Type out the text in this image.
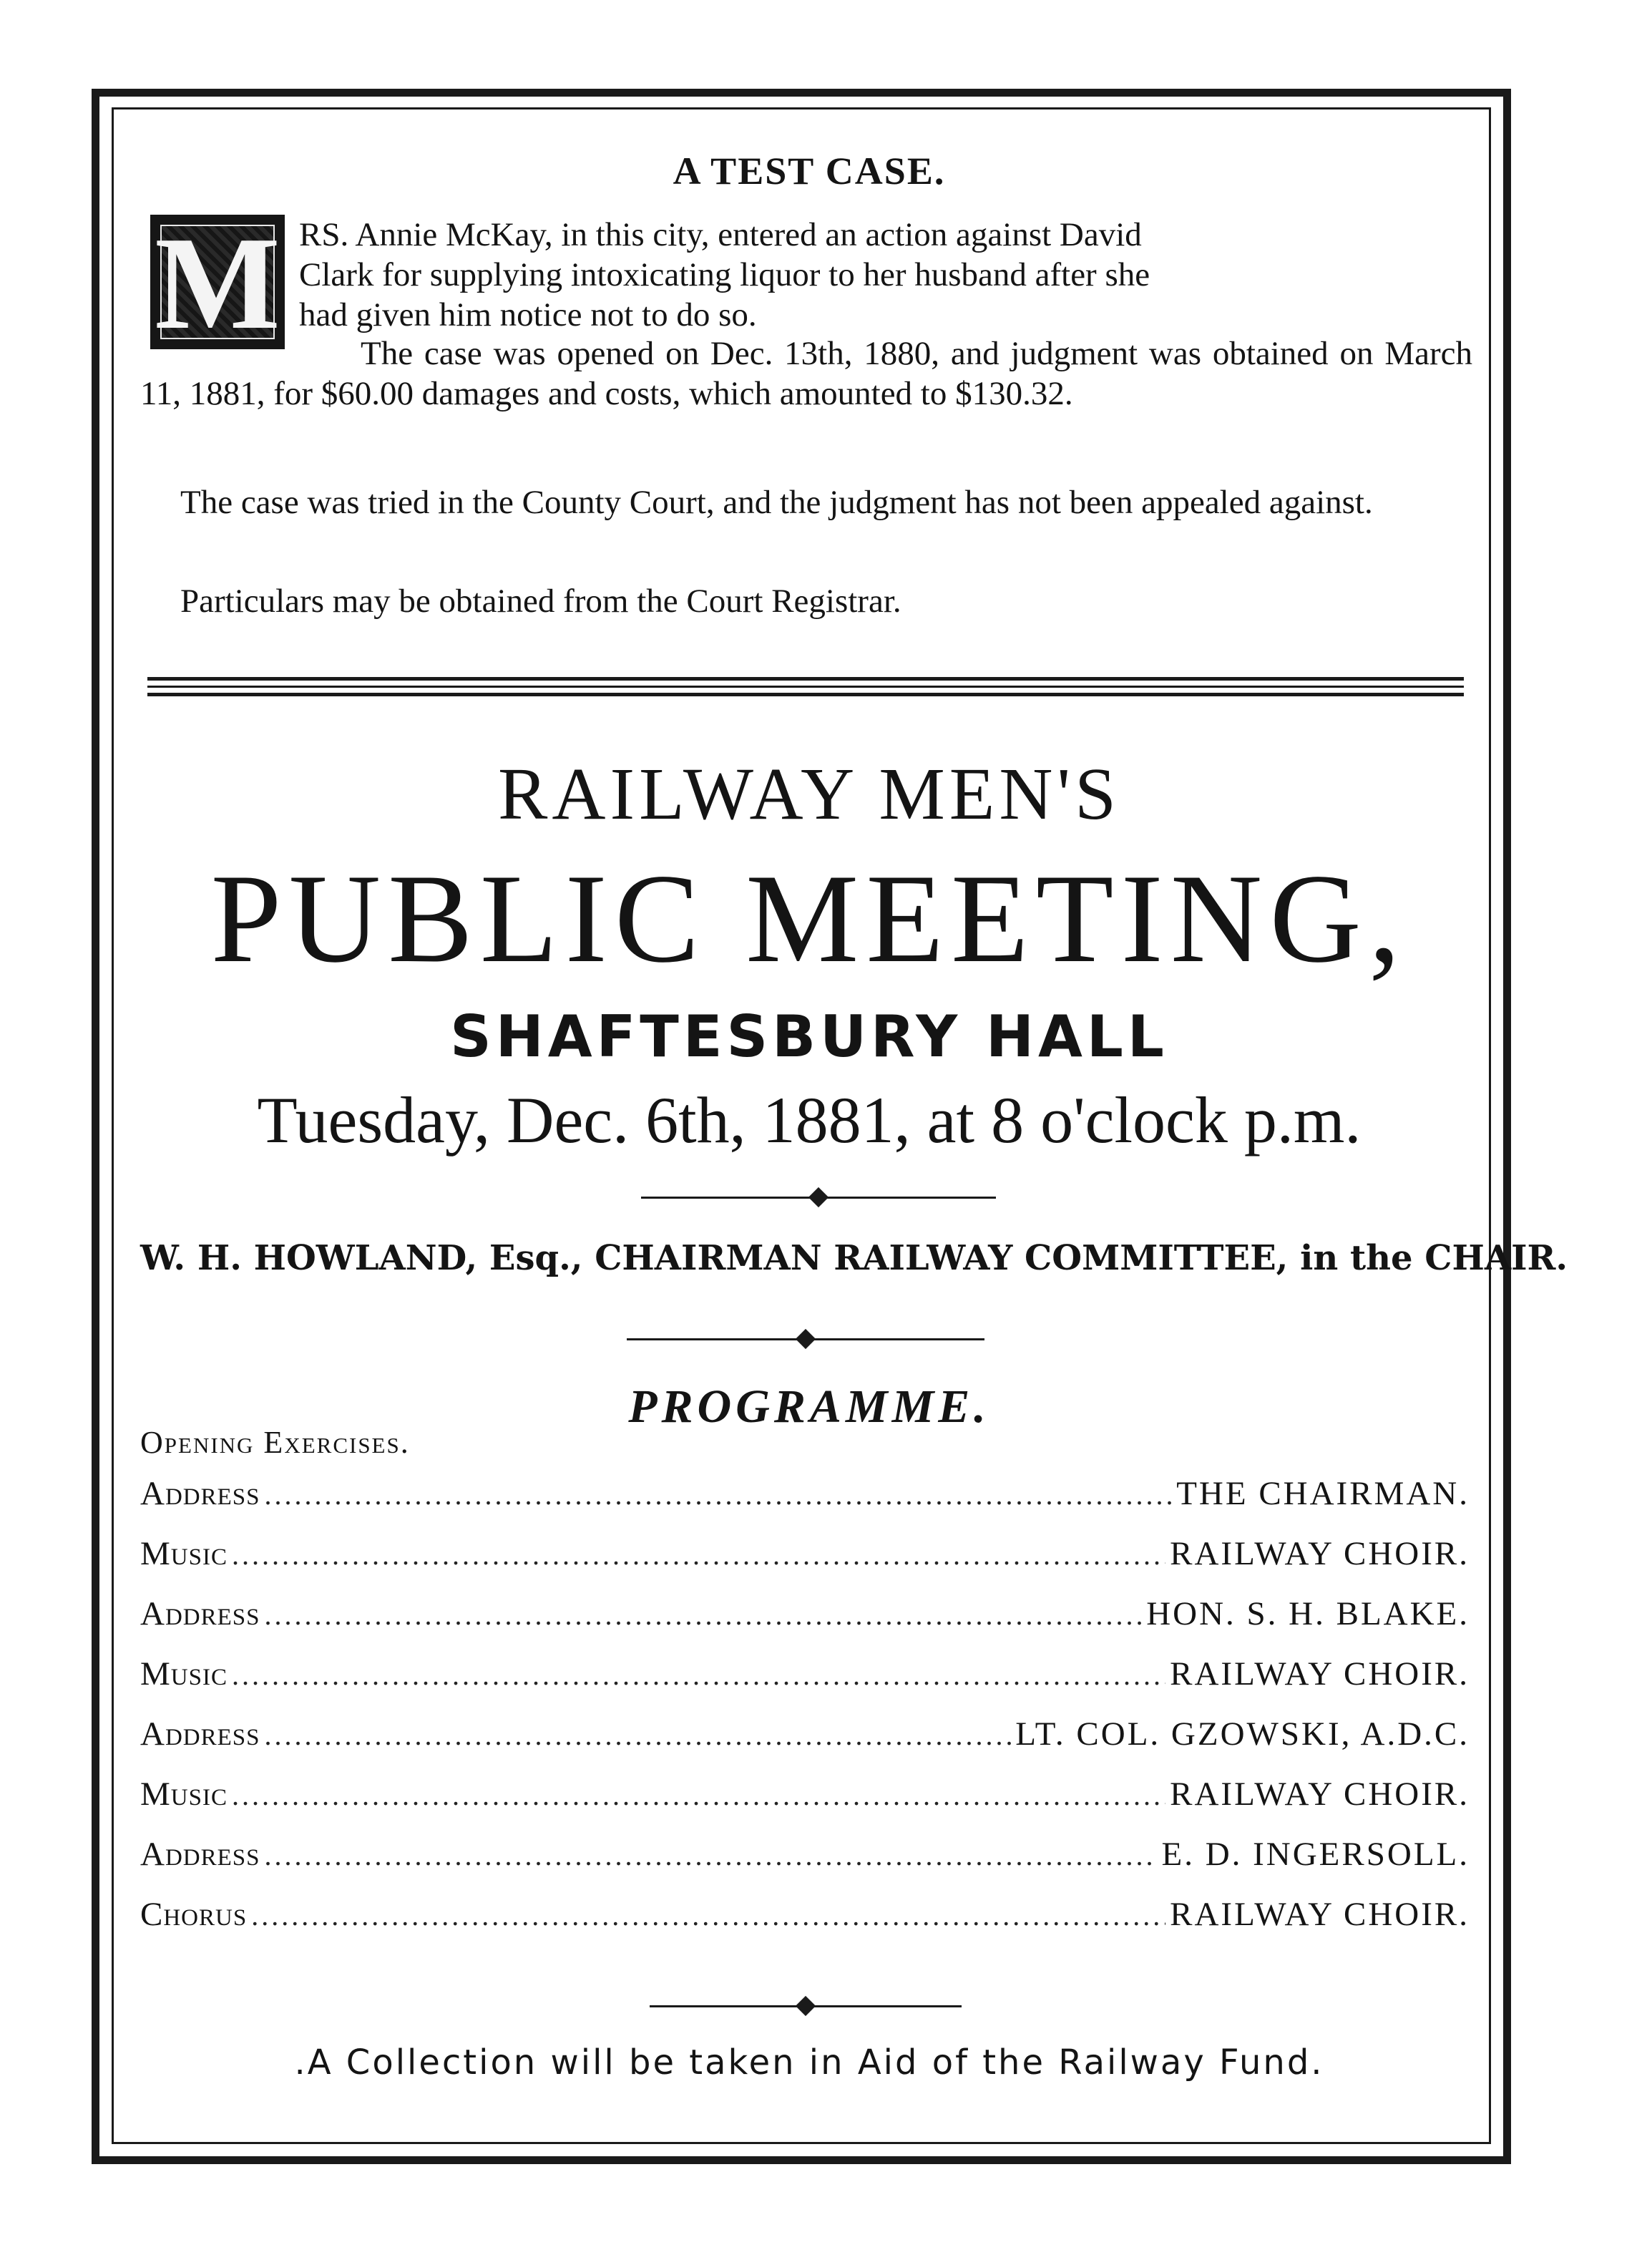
A TEST CASE.
M RS. Annie McKay, in this city, entered an action against David
Clark for supplying intoxicating liquor to her husband after she
had given him notice not to do so.

The case was opened on Dec. 13th, 1880, and judgment was obtained on March 11, 1881, for $60.00 damages and costs, which amounted to $130.32.

The case was tried in the County Court, and the judgment has not been appealed against.

Particulars may be obtained from the Court Registrar.

RAILWAY MEN'S
PUBLIC MEETING,
SHAFTESBURY HALL
Tuesday, Dec. 6th, 1881, at 8 o'clock p.m.
W. H. HOWLAND, Esq., CHAIRMAN RAILWAY COMMITTEE, in the CHAIR.
PROGRAMME.
Opening Exercises.
Address .....	THE CHAIRMAN.
Music .....	RAILWAY CHOIR.
Address .....	HON. S. H. BLAKE.
Music .....	RAILWAY CHOIR.
Address .....	LT. COL. GZOWSKI, A.D.C.
Music .....	RAILWAY CHOIR.
Address .....	E. D. INGERSOLL.
Chorus .....	RAILWAY CHOIR.
.A Collection will be taken in Aid of the Railway Fund.
